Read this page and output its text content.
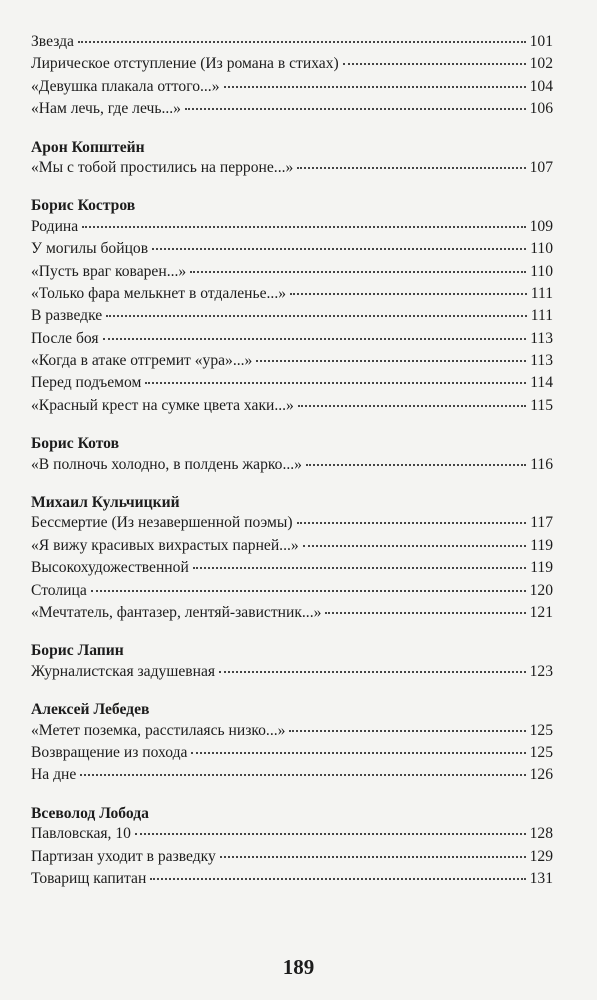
Звезда	101
Лирическое отступление (Из романа в стихах)	102
«Девушка плакала оттого...»	104
«Нам лечь, где лечь...»	106
Арон Копштейн
«Мы с тобой простились на перроне...»	107
Борис Костров
Родина	109
У могилы бойцов	110
«Пусть враг коварен...»	110
«Только фара мелькнет в отдаленье...»	111
В разведке	111
После боя	113
«Когда в атаке отгремит «ура»...»	113
Перед подъемом	114
«Красный крест на сумке цвета хаки...»	115
Борис Котов
«В полночь холодно, в полдень жарко...»	116
Михаил Кульчицкий
Бессмертие (Из незавершенной поэмы)	117
«Я вижу красивых вихрастых парней...»	119
Высокохудожественной	119
Столица	120
«Мечтатель, фантазер, лентяй-завистник...»	121
Борис Лапин
Журналистская задушевная	123
Алексей Лебедев
«Метет поземка, расстилаясь низко...»	125
Возвращение из похода	125
На дне	126
Всеволод Лобода
Павловская, 10	128
Партизан уходит в разведку	129
Товарищ капитан	131
189
